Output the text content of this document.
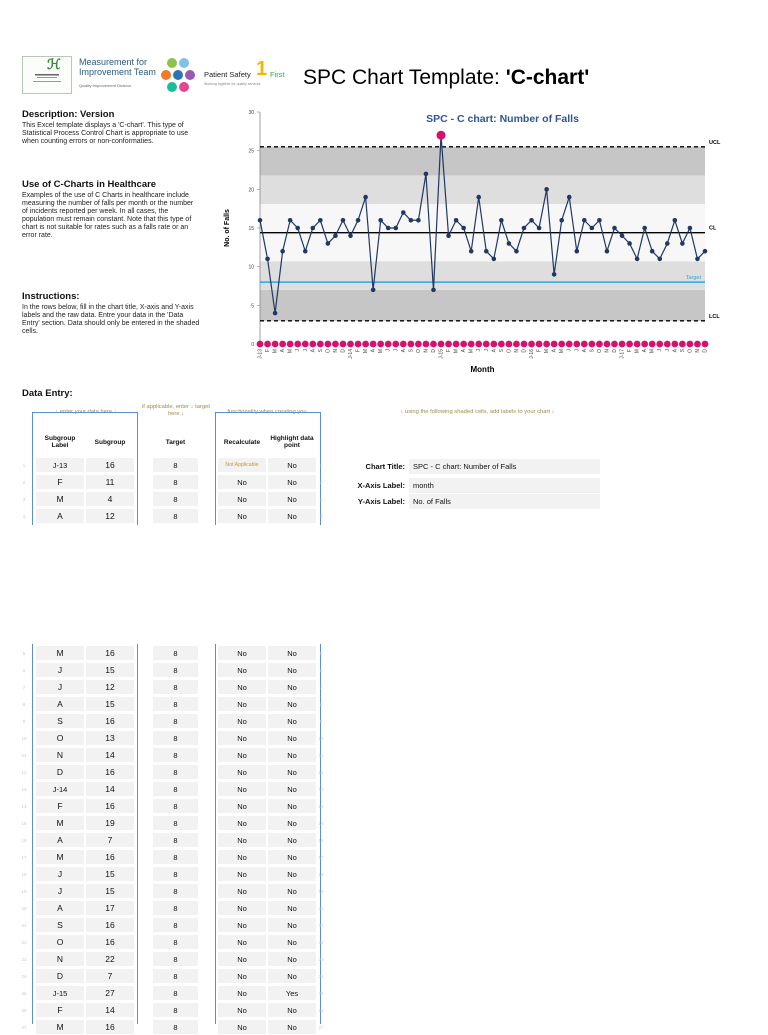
ℋ Measurement for
Improvement Team
Quality Improvement Division
Patient Safety 1 First
Working together for quality services SPC Chart Template: 'C-chart'
Description: Version
This Excel template displays a 'C-chart'. This type of Statistical Process Control Chart is appropriate to use when counting errors or non-conformaties.
Use of C-Charts in Healthcare
Examples of the use of C Charts in healthcare include measuring the number of falls per month or the number of incidents reported per week. In all cases, the population must remain constant. Note that this type of chart is not suitable for rates such as a falls rate or an error rate.
Instructions:
In the rows below, fill in the chart title, X-axis and Y-axis labels and the raw data. Entre your data in the 'Data Entry' section. Data should only be entered in the shaded cells.
Data Entry:
0
5
10
15
20
25
30
J-13 F M A M J J A S O N D J-14 F M A M J J A S O N D J-15 F M A M J J A S O N D J-16 F M A M J J A S O N D J-17 F M A M J J A S O N D
No. of Falls
Month
SPC - C chart: Number of Falls
UCL
CL
LCL
Target
↓ enter your data here ↓
if applicable, enter ↓ target here ↓	functionality when creating you	↓ using the following shaded cells, add labels to your chart ↓
Subgroup Label	Subgroup	Target	Recalculate	Highlight data point
1	J-13	16	8	Not Applicable	No	1
2	F	11	8	No	No	2
3	M	4	8	No	No	3
4	A	12	8	No	No	4
5	M	16	8	No	No	5
6	J	15	8	No	No	6
7	J	12	8	No	No	7
8	A	15	8	No	No	8
9	S	16	8	No	No	9
10	O	13	8	No	No	10
11	N	14	8	No	No	11
12	D	16	8	No	No	12
13	J-14	14	8	No	No	13
14	F	16	8	No	No	14
15	M	19	8	No	No	15
16	A	7	8	No	No	16
17	M	16	8	No	No	17
18	J	15	8	No	No	18
19	J	15	8	No	No	19
20	A	17	8	No	No	20
21	S	16	8	No	No	21
22	O	16	8	No	No	22
23	N	22	8	No	No	23
24	D	7	8	No	No	24
25	J-15	27	8	No	Yes	25
26	F	14	8	No	No	26
27	M	16	8	No	No	27
Chart Title:	SPC - C chart: Number of Falls
X-Axis Label:	month
Y-Axis Label:	No. of Falls
